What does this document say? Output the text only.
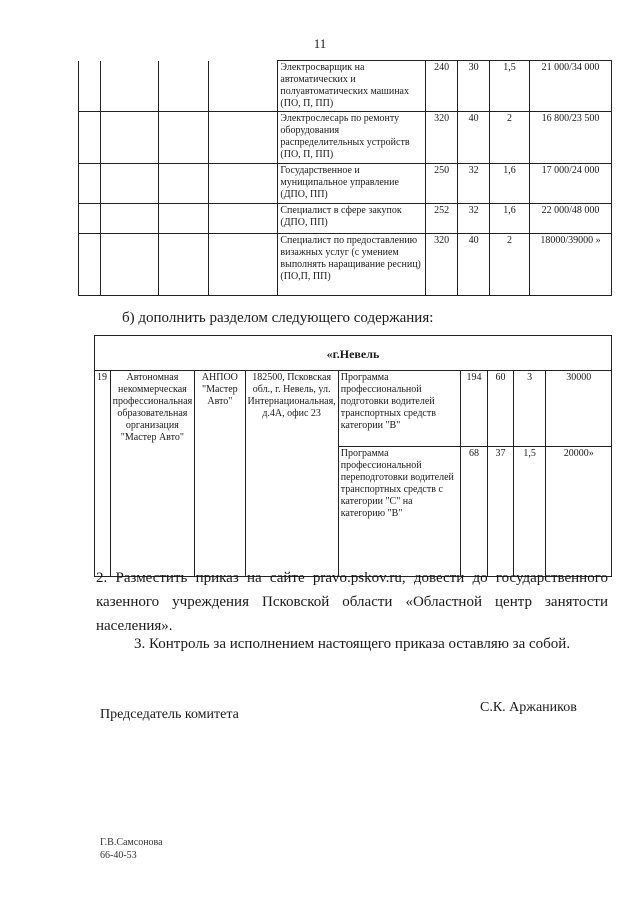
11
				Электросварщик на автоматических и полуавтоматических машинах (ПО, П, ПП)	240	30	1,5	21 000/34 000
				Электрослесарь по ремонту оборудования распределительных устройств (ПО, П, ПП)	320	40	2	16 800/23 500
				Государственное и муниципальное управление (ДПО, ПП)	250	32	1,6	17 000/24 000
				Специалист в сфере закупок (ДПО, ПП)	252	32	1,6	22 000/48 000
				Специалист по предоставлению визажных услуг (с умением выполнять наращивание ресниц) (ПО,П, ПП)	320	40	2	18000/39000 »
б) дополнить разделом следующего содержания:
«г.Невель								
19	Автономная некоммерческая профессиональная образовательная организация "Мастер Авто"	АНПОО "Мастер Авто"	182500, Псковская обл., г. Невель, ул. Интернациональная, д.4А, офис 23	Программа профессиональной подготовки водителей транспортных средств категории "В"	194	60	3	30000
				Программа профессиональной переподготовки водителей транспортных средств с категории "С" на категорию "В"	68	37	1,5	20000»
2. Разместить приказ на сайте pravo.pskov.ru, довести до государственного казенного учреждения Псковской области «Областной центр занятости населения».
3. Контроль за исполнением настоящего приказа оставляю за собой.
Председатель комитета	С.К. Аржаников
Г.В.Самсонова
66-40-53
